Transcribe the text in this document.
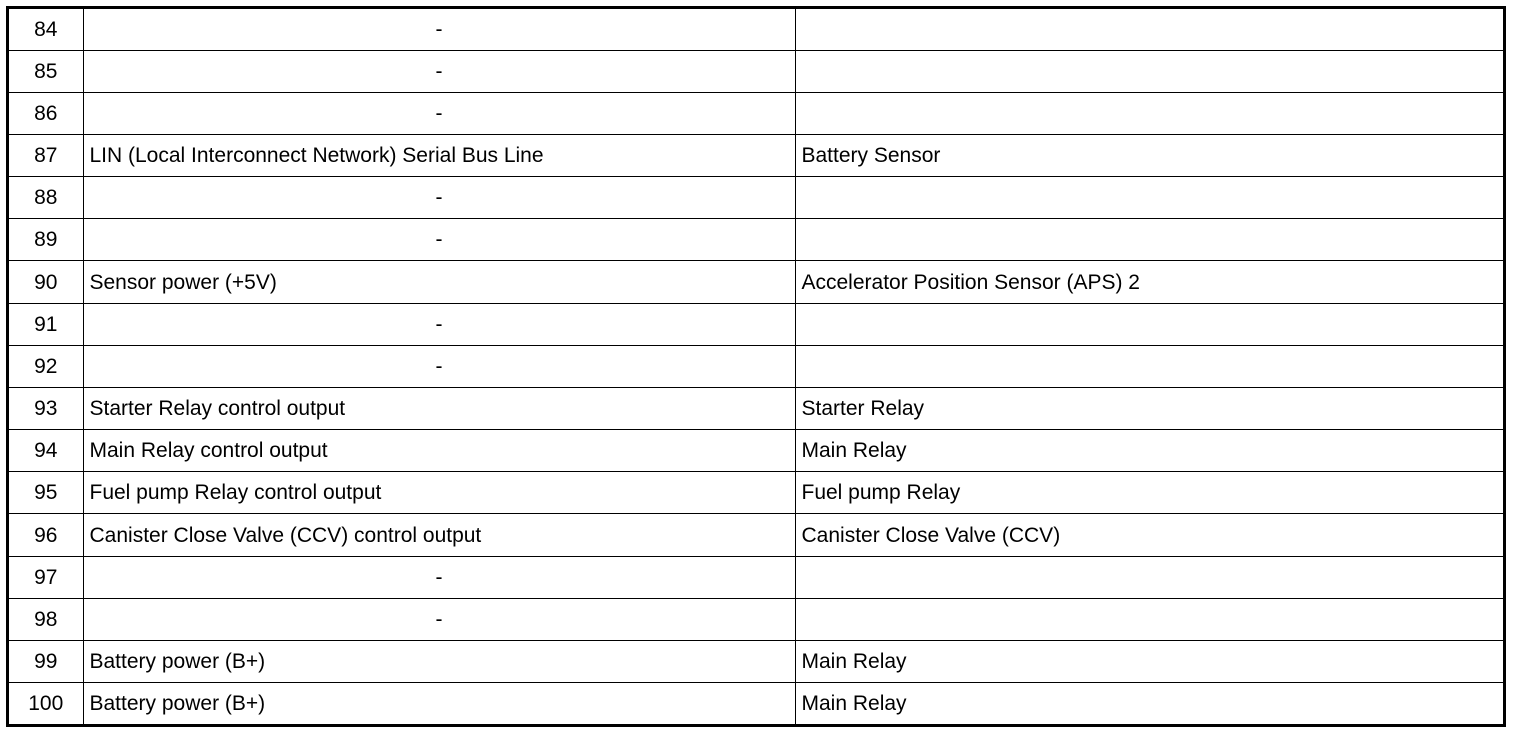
84	-	
85	-	
86	-	
87	LIN (Local Interconnect Network) Serial Bus Line	Battery Sensor
88	-	
89	-	
90	Sensor power (+5V)	Accelerator Position Sensor (APS) 2
91	-	
92	-	
93	Starter Relay control output	Starter Relay
94	Main Relay control output	Main Relay
95	Fuel pump Relay control output	Fuel pump Relay
96	Canister Close Valve (CCV) control output	Canister Close Valve (CCV)
97	-	
98	-	
99	Battery power (B+)	Main Relay
100	Battery power (B+)	Main Relay
